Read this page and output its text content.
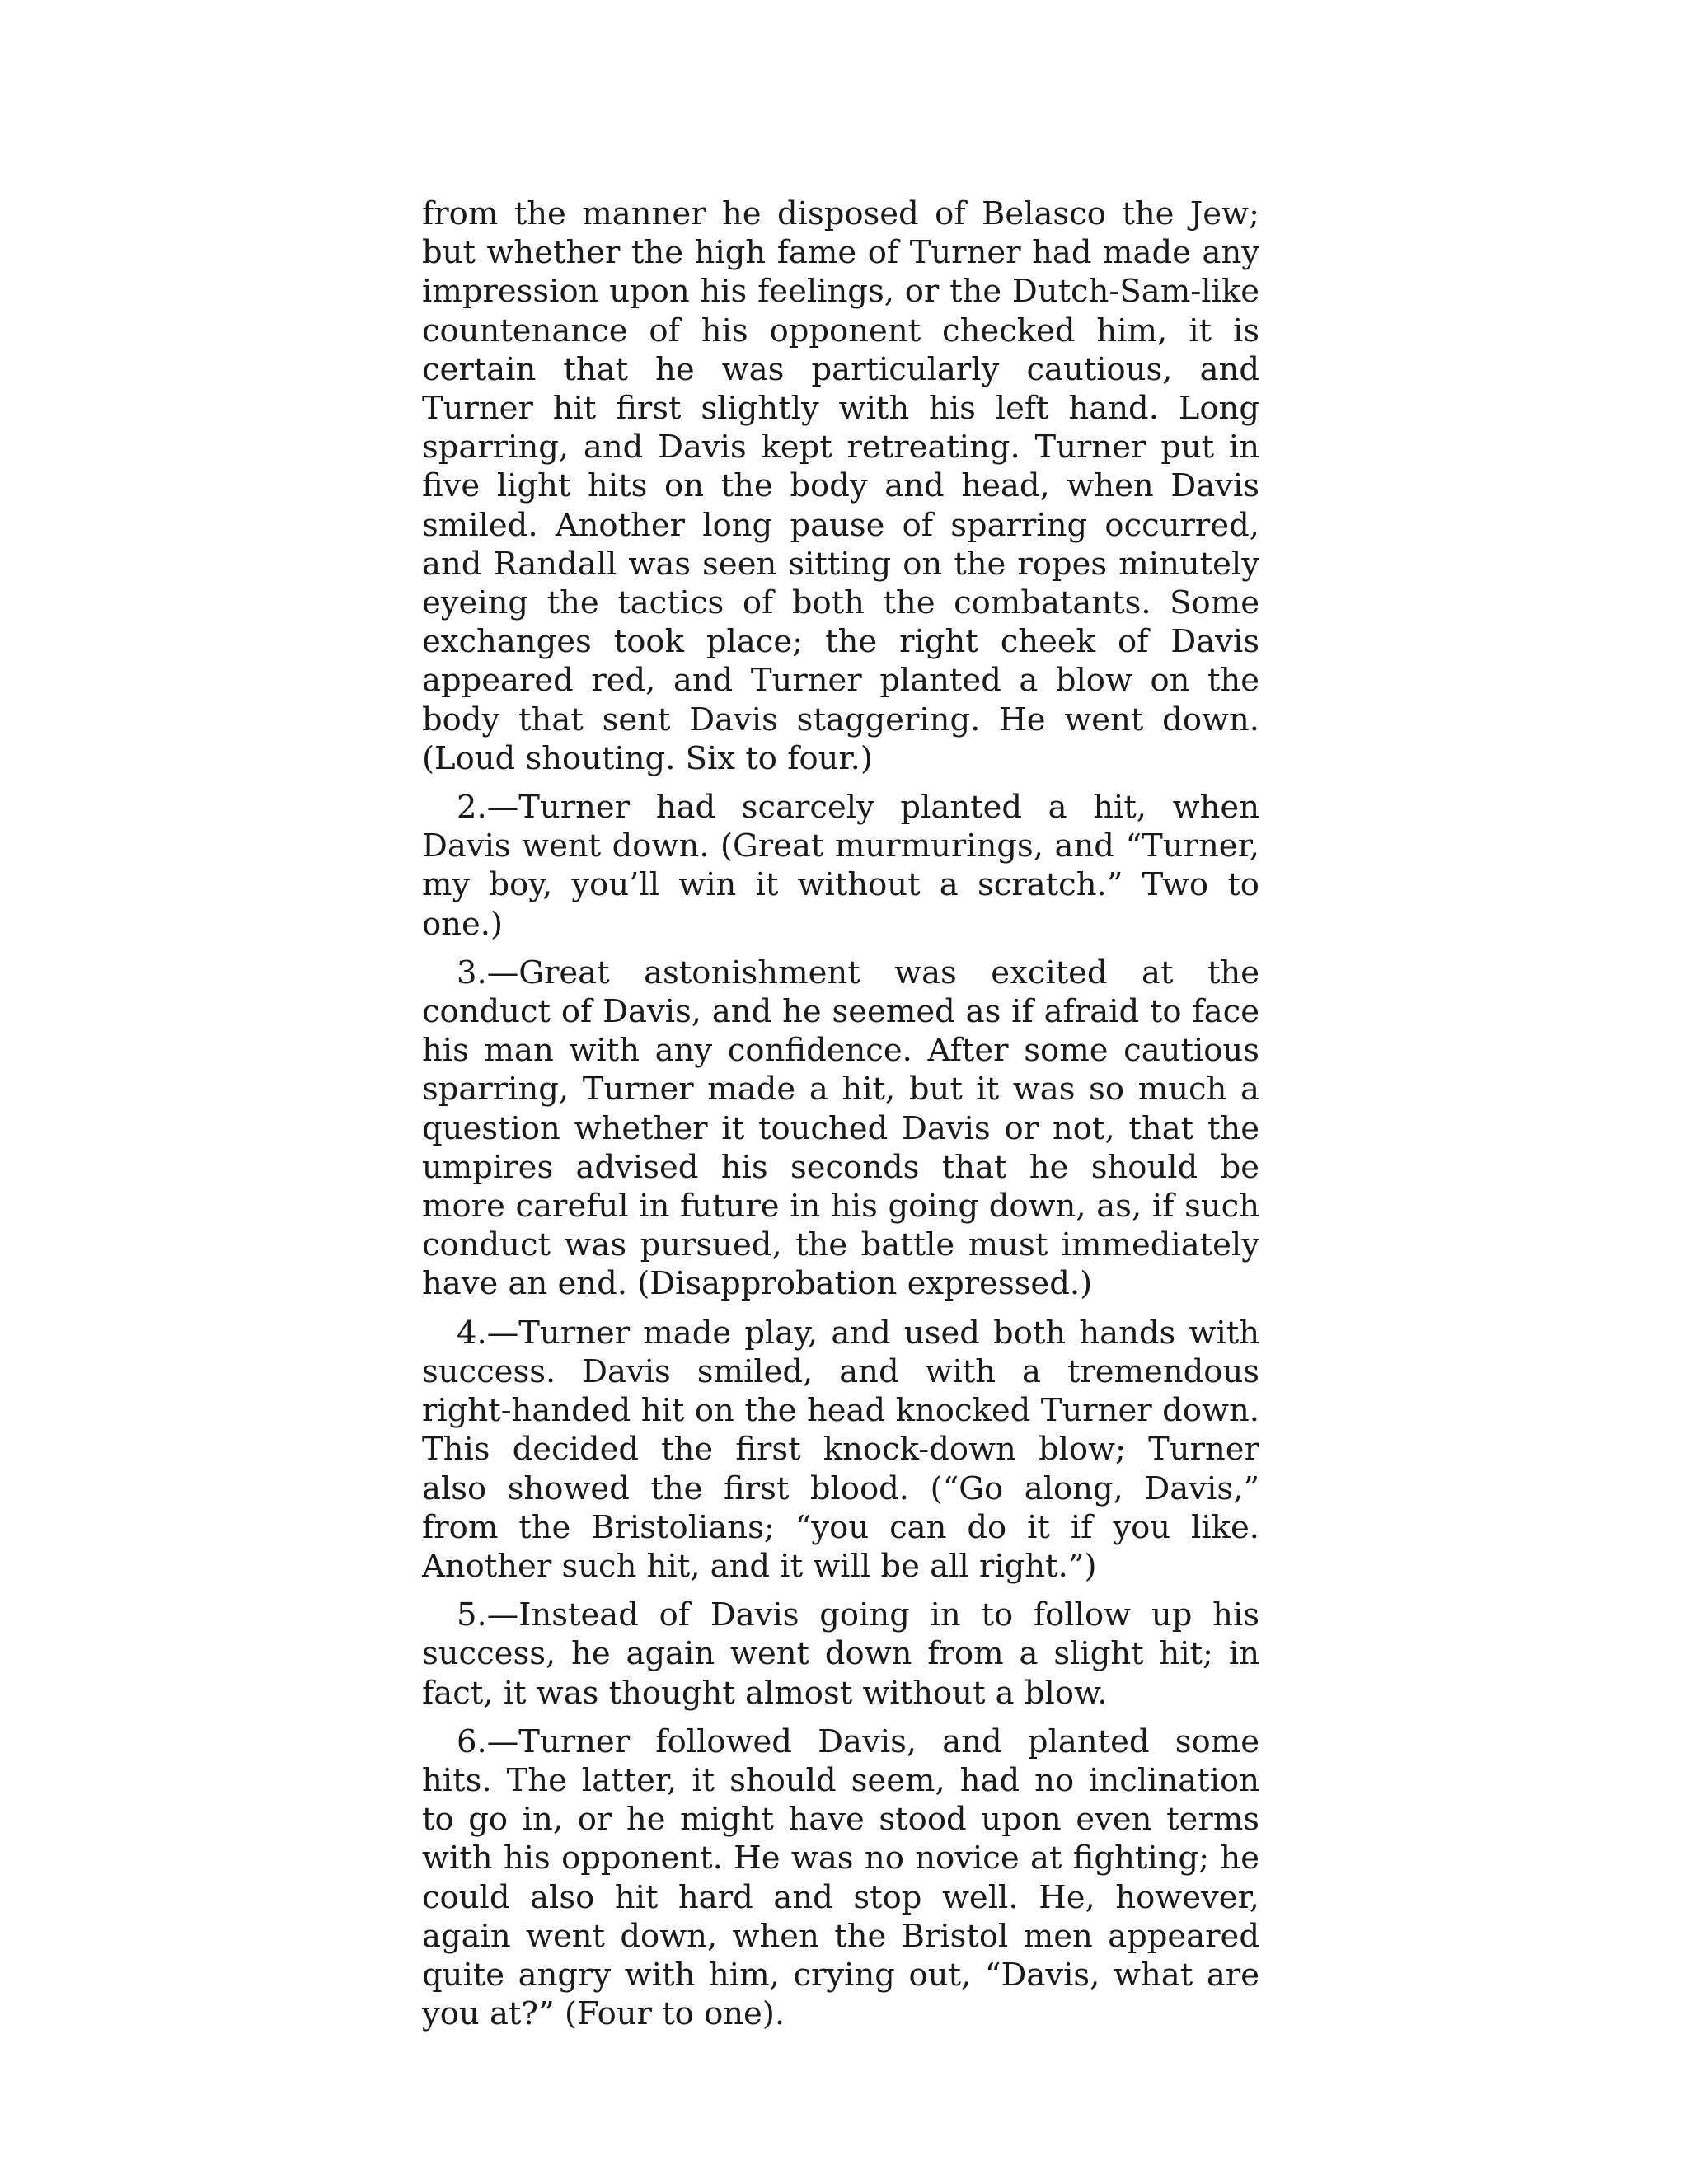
from the manner he disposed of Belasco the Jew; but whether the high fame of Turner had made any impression upon his feelings, or the Dutch-Sam-like countenance of his opponent checked him, it is certain that he was particularly cautious, and Turner hit first slightly with his left hand. Long sparring, and Davis kept retreating. Turner put in five light hits on the body and head, when Davis smiled. Another long pause of sparring occurred, and Randall was seen sitting on the ropes minutely eyeing the tactics of both the combatants. Some exchanges took place; the right cheek of Davis appeared red, and Turner planted a blow on the body that sent Davis staggering. He went down. (Loud shouting. Six to four.)

2.—Turner had scarcely planted a hit, when Davis went down. (Great murmurings, and “Turner, my boy, you’ll win it without a scratch.” Two to one.)

3.—Great astonishment was excited at the conduct of Davis, and he seemed as if afraid to face his man with any confidence. After some cautious sparring, Turner made a hit, but it was so much a question whether it touched Davis or not, that the umpires advised his seconds that he should be more careful in future in his going down, as, if such conduct was pursued, the battle must immediately have an end. (Disapprobation expressed.)

4.—Turner made play, and used both hands with success. Davis smiled, and with a tremendous right-handed hit on the head knocked Turner down. This decided the first knock-down blow; Turner also showed the first blood. (“Go along, Davis,” from the Bristolians; “you can do it if you like. Another such hit, and it will be all right.”)

5.—Instead of Davis going in to follow up his success, he again went down from a slight hit; in fact, it was thought almost without a blow.

6.—Turner followed Davis, and planted some hits. The latter, it should seem, had no inclination to go in, or he might have stood upon even terms with his opponent. He was no novice at fighting; he could also hit hard and stop well. He, however, again went down, when the Bristol men appeared quite angry with him, crying out, “Davis, what are you at?” (Four to one).
